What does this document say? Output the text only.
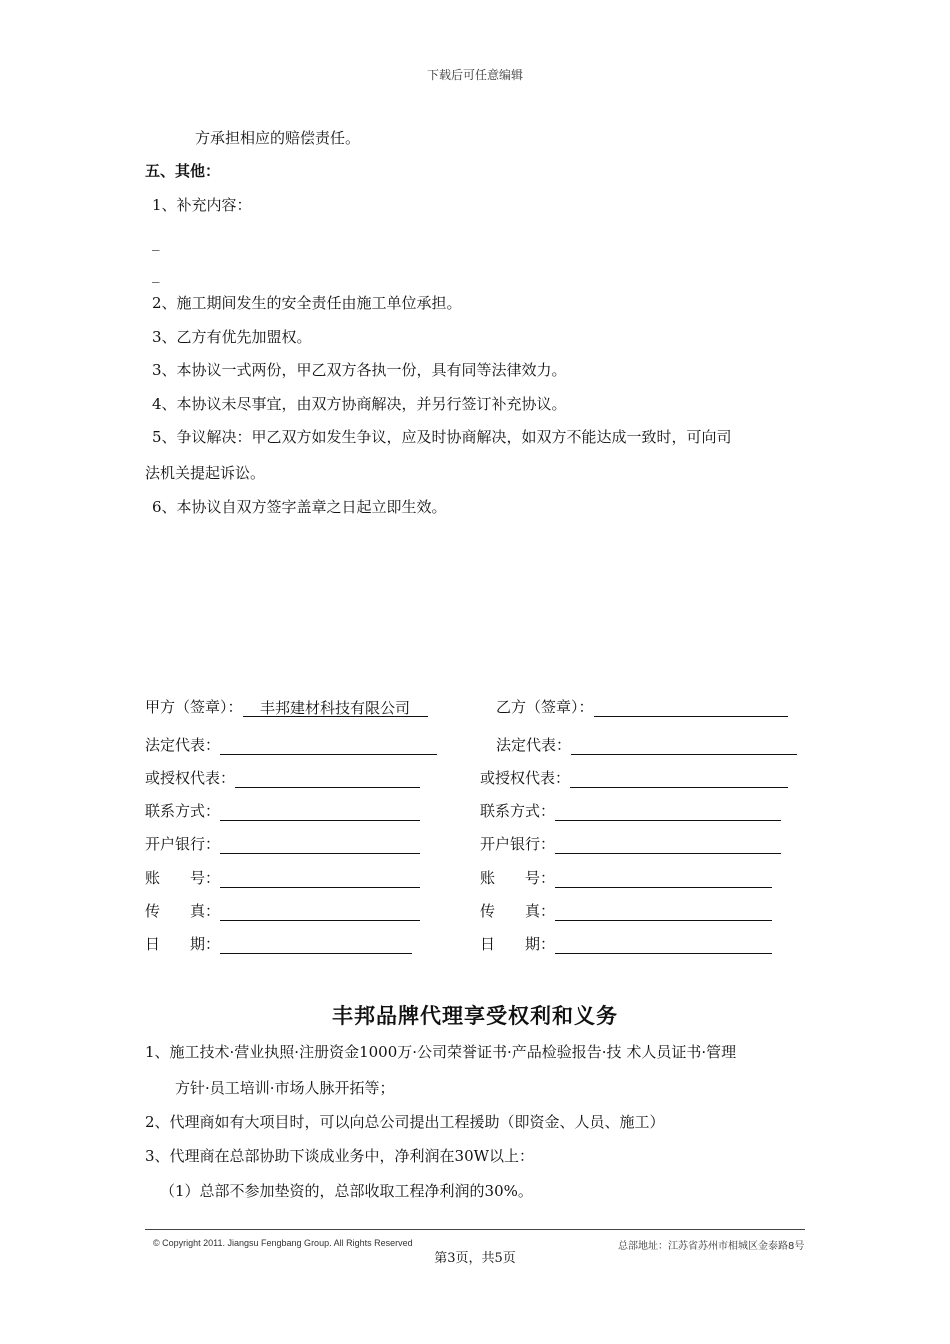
下载后可任意编辑
方承担相应的赔偿责任。
五、其他：
1、补充内容：
_
_
2、施工期间发生的安全责任由施工单位承担。
3、乙方有优先加盟权。
3、本协议一式两份，甲乙双方各执一份，具有同等法律效力。
4、本协议未尽事宜，由双方协商解决，并另行签订补充协议。
5、争议解决：甲乙双方如发生争议，应及时协商解决，如双方不能达成一致时，可向司
法机关提起诉讼。
6、本协议自双方签字盖章之日起立即生效。
甲方（签章）： 丰邦建材科技有限公司
法定代表：
或授权代表：
联系方式：
开户银行：
账　　号：
传　　真：
日　　期：
乙方（签章）：
法定代表：
或授权代表：
联系方式：
开户银行：
账　　号：
传　　真：
日　　期：
丰邦品牌代理享受权利和义务
1、施工技术·营业执照·注册资金1000万·公司荣誉证书·产品检验报告·技 术人员证书·管理
方针·员工培训·市场人脉开拓等；
2、代理商如有大项目时，可以向总公司提出工程援助（即资金、人员、施工）
3、代理商在总部协助下谈成业务中，净利润在30W以上：
（1）总部不参加垫资的，总部收取工程净利润的30%。
© Copyright 2011. Jiangsu Fengbang Group. All Rights Reserved	总部地址：江苏省苏州市相城区金泰路8号
第3页，共5页
